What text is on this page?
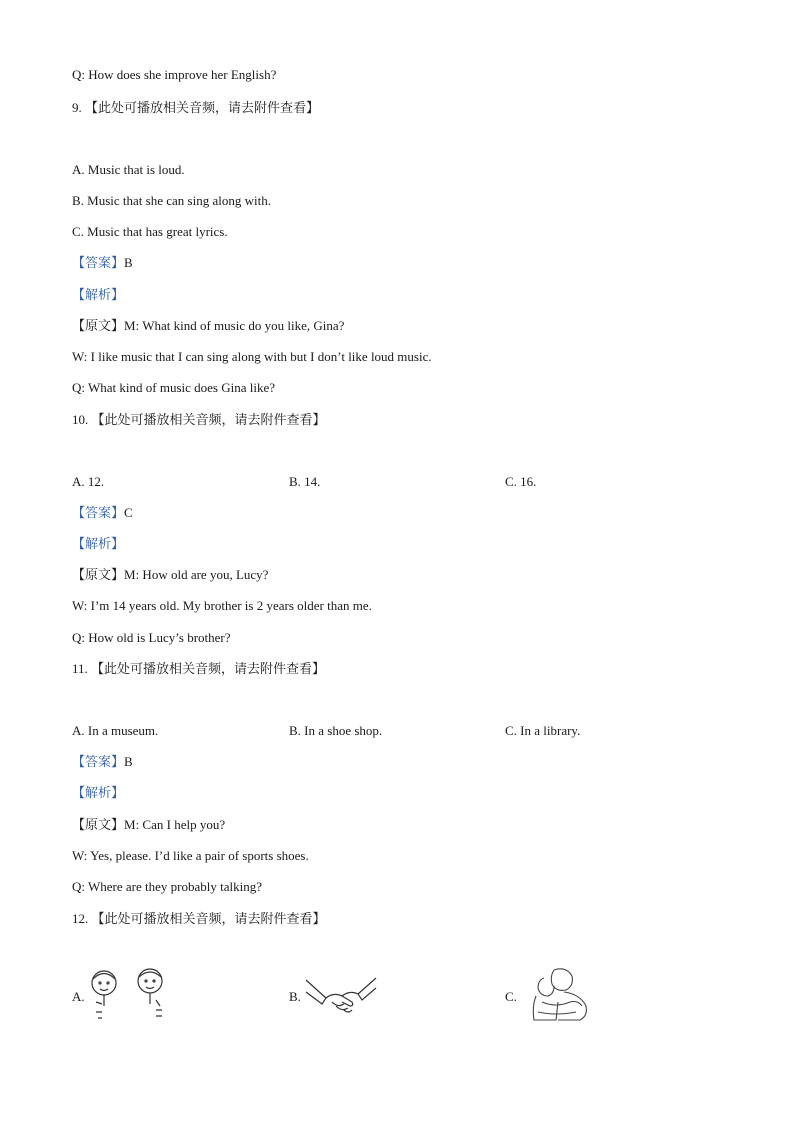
Q: How does she improve her English?
9. 【此处可播放相关音频，请去附件查看】
A. Music that is loud.
B. Music that she can sing along with.
C. Music that has great lyrics.
【答案】B
【解析】
【原文】M: What kind of music do you like, Gina?
W: I like music that I can sing along with but I don’t like loud music.
Q: What kind of music does Gina like?
10. 【此处可播放相关音频，请去附件查看】
A. 12.	B. 14.	C. 16.
【答案】C
【解析】
【原文】M: How old are you, Lucy?
W: I’m 14 years old. My brother is 2 years older than me.
Q: How old is Lucy’s brother?
11. 【此处可播放相关音频，请去附件查看】
A. In a museum.	B. In a shoe shop.	C. In a library.
【答案】B
【解析】
【原文】M: Can I help you?
W: Yes, please. I’d like a pair of sports shoes.
Q: Where are they probably talking?
12. 【此处可播放相关音频，请去附件查看】
A.	B.	C.
